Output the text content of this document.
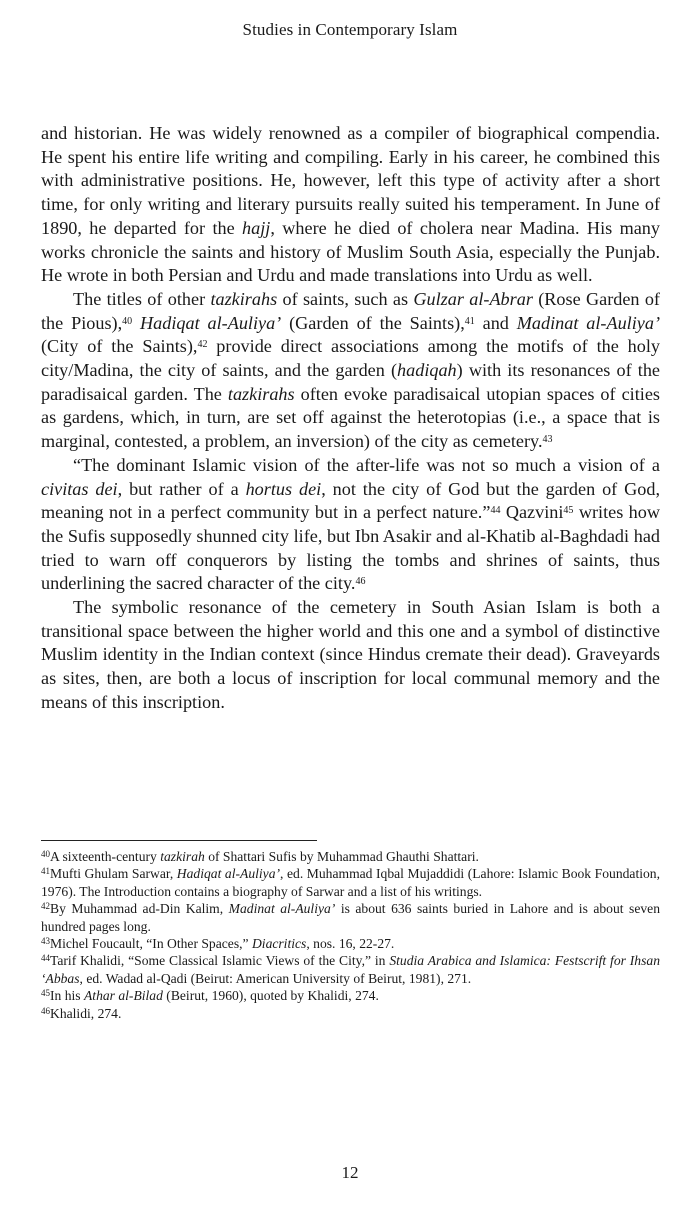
Studies in Contemporary Islam

and historian. He was widely renowned as a compiler of biographical compendia. He spent his entire life writing and compiling. Early in his career, he combined this with administrative positions. He, however, left this type of activity after a short time, for only writing and literary pursuits really suited his temperament. In June of 1890, he departed for the hajj, where he died of cholera near Madina. His many works chronicle the saints and history of Muslim South Asia, especially the Punjab. He wrote in both Persian and Urdu and made translations into Urdu as well.

The titles of other tazkirahs of saints, such as Gulzar al-Abrar (Rose Garden of the Pious),$^{40}$ Hadiqat al-Auliya’ (Garden of the Saints),$^{41}$ and Madinat al-Auliya’ (City of the Saints),$^{42}$ provide direct associations among the motifs of the holy city/Madina, the city of saints, and the garden (hadiqah) with its resonances of the paradisaical garden. The tazkirahs often evoke paradisaical utopian spaces of cities as gardens, which, in turn, are set off against the heterotopias (i.e., a space that is marginal, contested, a problem, an inversion) of the city as cemetery.$^{43}$

“The dominant Islamic vision of the after-life was not so much a vision of a civitas dei, but rather of a hortus dei, not the city of God but the garden of God, meaning not in a perfect community but in a perfect nature.”$^{44}$ Qazvini$^{45}$ writes how the Sufis supposedly shunned city life, but Ibn Asakir and al-Khatib al-Baghdadi had tried to warn off conquerors by listing the tombs and shrines of saints, thus underlining the sacred character of the city.$^{46}$

The symbolic resonance of the cemetery in South Asian Islam is both a transitional space between the higher world and this one and a symbol of distinctive Muslim identity in the Indian context (since Hindus cremate their dead). Graveyards as sites, then, are both a locus of inscription for local communal memory and the means of this inscription.

$^{40}$A sixteenth-century tazkirah of Shattari Sufis by Muhammad Ghauthi Shattari.

$^{41}$Mufti Ghulam Sarwar, Hadiqat al-Auliya’, ed. Muhammad Iqbal Mujaddidi (Lahore: Islamic Book Foundation, 1976). The Introduction contains a biography of Sarwar and a list of his writings.

$^{42}$By Muhammad ad-Din Kalim, Madinat al-Auliya’ is about 636 saints buried in Lahore and is about seven hundred pages long.

$^{43}$Michel Foucault, “In Other Spaces,” Diacritics, nos. 16, 22-27.

$^{44}$Tarif Khalidi, “Some Classical Islamic Views of the City,” in Studia Arabica and Islamica: Festscrift for Ihsan ‘Abbas, ed. Wadad al-Qadi (Beirut: American University of Beirut, 1981), 271.

$^{45}$In his Athar al-Bilad (Beirut, 1960), quoted by Khalidi, 274.

$^{46}$Khalidi, 274.

12
